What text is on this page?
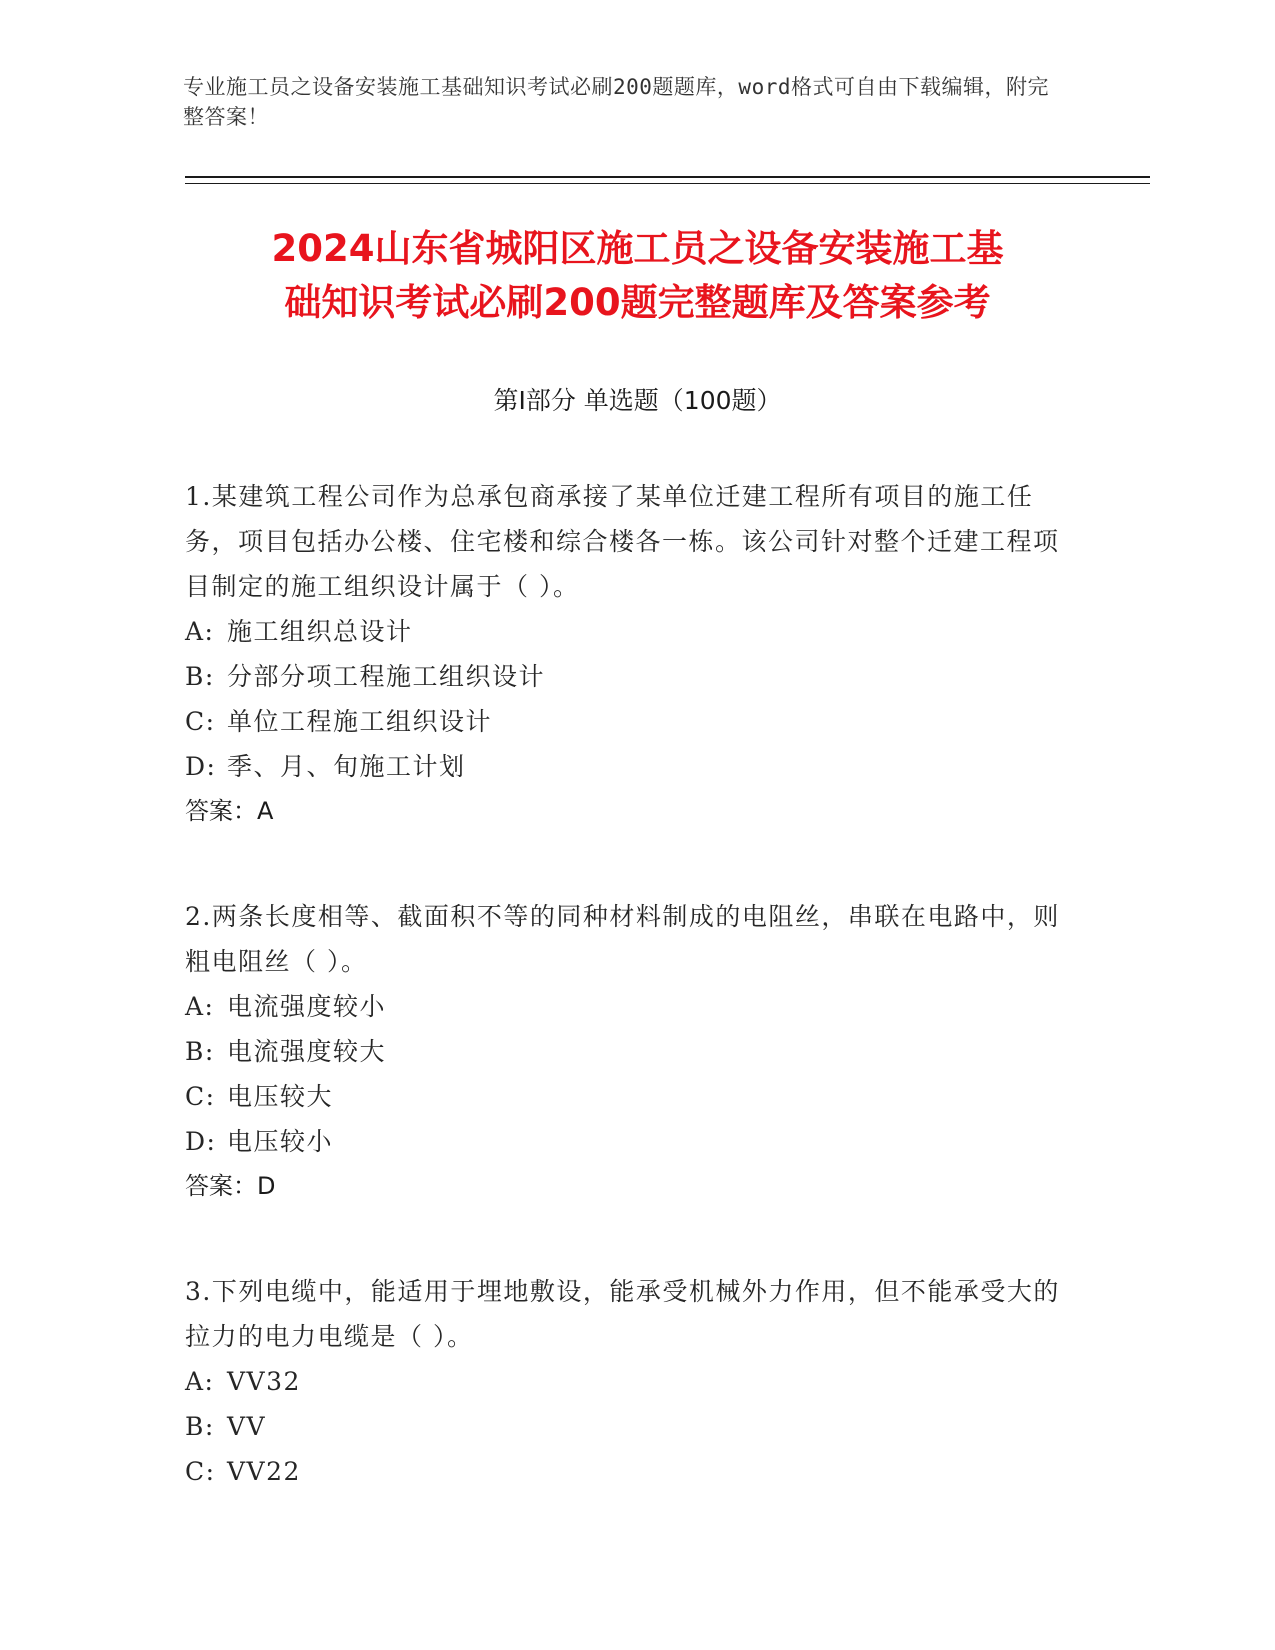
专业施工员之设备安装施工基础知识考试必刷200题题库，word格式可自由下载编辑，附完整答案！
2024山东省城阳区施工员之设备安装施工基
础知识考试必刷200题完整题库及答案参考
第Ⅰ部分 单选题（100题）
1.某建筑工程公司作为总承包商承接了某单位迁建工程所有项目的施工任务，项目包括办公楼、住宅楼和综合楼各一栋。该公司针对整个迁建工程项目制定的施工组织设计属于（ ）。
A: 施工组织总设计
B: 分部分项工程施工组织设计
C: 单位工程施工组织设计
D: 季、月、旬施工计划
答案：A
2.两条长度相等、截面积不等的同种材料制成的电阻丝，串联在电路中，则粗电阻丝（ ）。
A: 电流强度较小
B: 电流强度较大
C: 电压较大
D: 电压较小
答案：D
3.下列电缆中，能适用于埋地敷设，能承受机械外力作用，但不能承受大的拉力的电力电缆是（ ）。
A: VV32
B: VV
C: VV22
